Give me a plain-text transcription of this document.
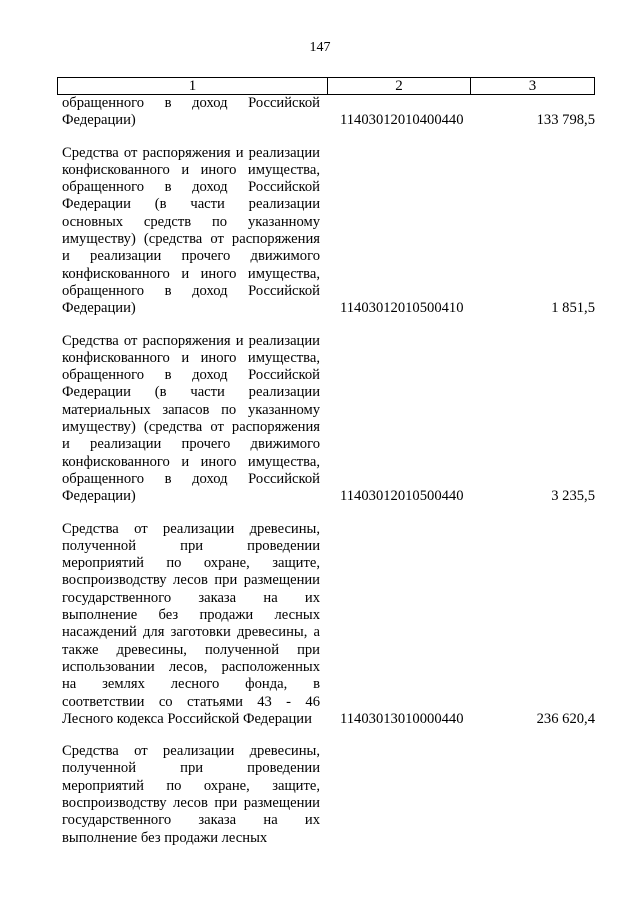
147
1	2	3
обращенного в доход Российской
Федерации)	11403012010400440	133 798,5
Средства от распоряжения и реализации
конфискованного и иного имущества,
обращенного в доход Российской
Федерации (в части реализации
основных средств по указанному
имуществу) (средства от распоряжения
и реализации прочего движимого
конфискованного и иного имущества,
обращенного в доход Российской
Федерации)	11403012010500410	1 851,5
Средства от распоряжения и реализации
конфискованного и иного имущества,
обращенного в доход Российской
Федерации (в части реализации
материальных запасов по указанному
имуществу) (средства от распоряжения
и реализации прочего движимого
конфискованного и иного имущества,
обращенного в доход Российской
Федерации)	11403012010500440	3 235,5
Средства от реализации древесины,
полученной при проведении
мероприятий по охране, защите,
воспроизводству лесов при размещении
государственного заказа на их
выполнение без продажи лесных
насаждений для заготовки древесины, а
также древесины, полученной при
использовании лесов, расположенных
на землях лесного фонда, в
соответствии со статьями 43 - 46
Лесного кодекса Российской Федерации	11403013010000440	236 620,4
Средства от реализации древесины,
полученной при проведении
мероприятий по охране, защите,
воспроизводству лесов при размещении
государственного заказа на их
выполнение без продажи лесных
